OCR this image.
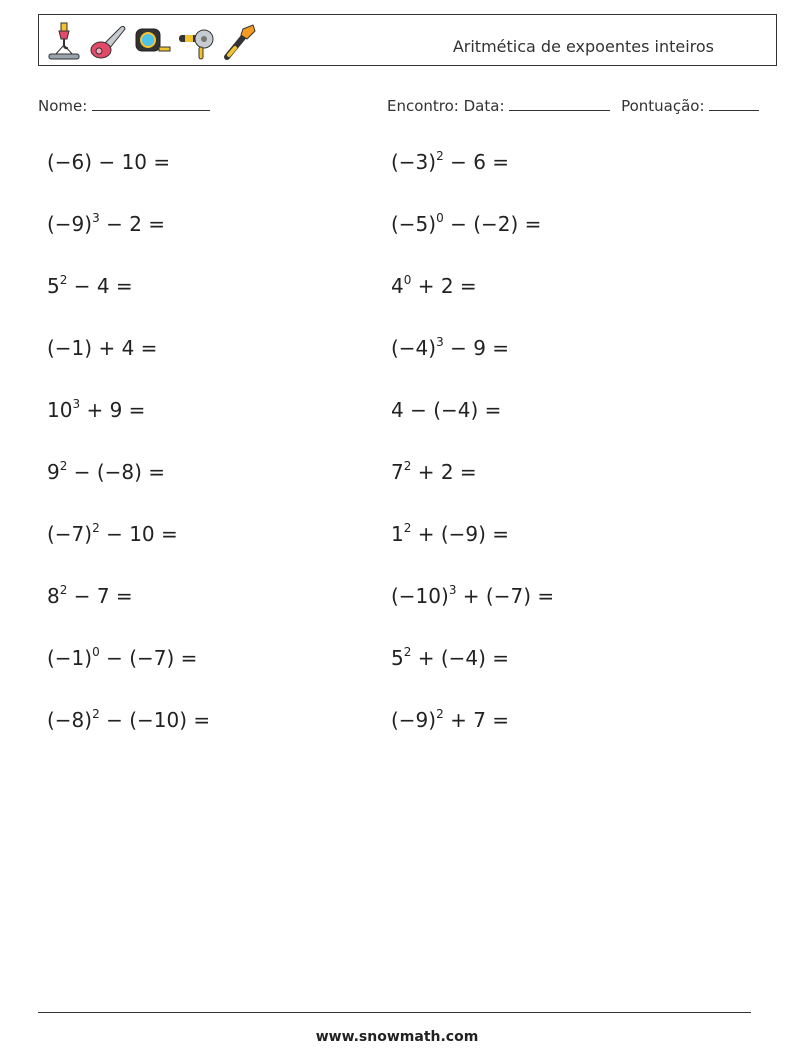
Aritmética de expoentes inteiros
Nome:	Encontro: Data:	Pontuação:
(−6) − 10 =
$(-9)^3 - 2$ =
$5^2 - 4$ =
(−1) + 4 =
$10^3 + 9$ =
$9^2 - (-8)$ =
$(-7)^2 - 10$ =
$8^2 - 7$ =
$(-1)^0 - (-7)$ =
$(-8)^2 - (-10)$ =
$(-3)^2 - 6$ =
$(-5)^0 - (-2)$ =
$4^0 + 2$ =
$(-4)^3 - 9$ =
4 − (−4) =
$7^2 + 2$ =
$1^2 + (-9)$ =
$(-10)^3 + (-7)$ =
$5^2 + (-4)$ =
$(-9)^2 + 7$ =
www.snowmath.com
